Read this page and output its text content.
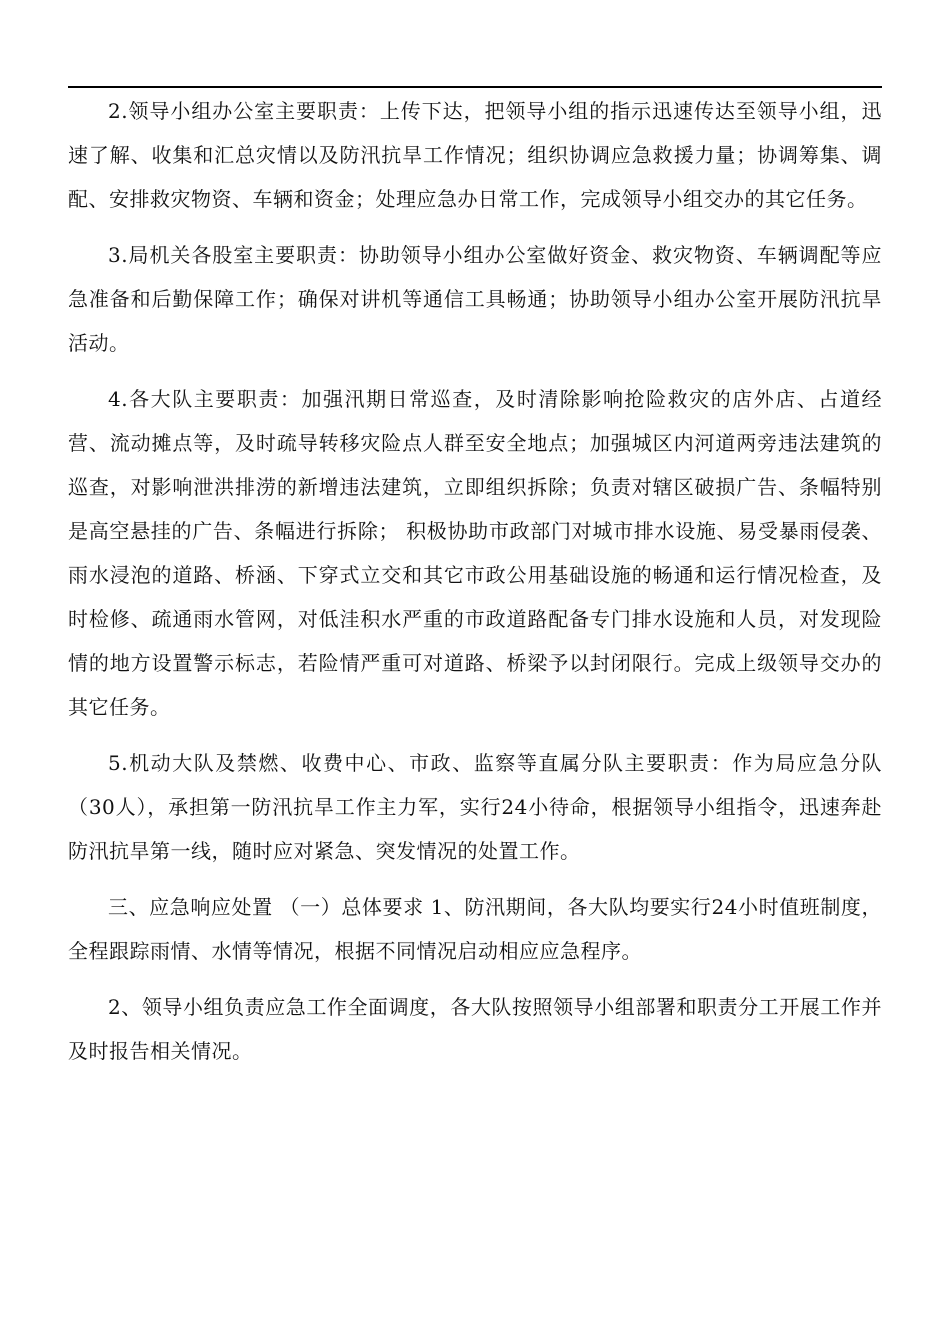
2.领导小组办公室主要职责：上传下达，把领导小组的指示迅速传达至领导小组，迅速了解、收集和汇总灾情以及防汛抗旱工作情况；组织协调应急救援力量；协调筹集、调配、安排救灾物资、车辆和资金；处理应急办日常工作，完成领导小组交办的其它任务。

3.局机关各股室主要职责：协助领导小组办公室做好资金、救灾物资、车辆调配等应急准备和后勤保障工作；确保对讲机等通信工具畅通；协助领导小组办公室开展防汛抗旱活动。

4.各大队主要职责：加强汛期日常巡查，及时清除影响抢险救灾的店外店、占道经营、流动摊点等，及时疏导转移灾险点人群至安全地点；加强城区内河道两旁违法建筑的巡查，对影响泄洪排涝的新增违法建筑，立即组织拆除；负责对辖区破损广告、条幅特别是高空悬挂的广告、条幅进行拆除； 积极协助市政部门对城市排水设施、易受暴雨侵袭、雨水浸泡的道路、桥涵、下穿式立交和其它市政公用基础设施的畅通和运行情况检查，及时检修、疏通雨水管网，对低洼积水严重的市政道路配备专门排水设施和人员，对发现险情的地方设置警示标志，若险情严重可对道路、桥梁予以封闭限行。完成上级领导交办的其它任务。

5.机动大队及禁燃、收费中心、市政、监察等直属分队主要职责：作为局应急分队（30人），承担第一防汛抗旱工作主力军，实行24小待命，根据领导小组指令，迅速奔赴防汛抗旱第一线，随时应对紧急、突发情况的处置工作。

三、应急响应处置 （一）总体要求 1、防汛期间，各大队均要实行24小时值班制度，全程跟踪雨情、水情等情况，根据不同情况启动相应应急程序。

2、领导小组负责应急工作全面调度，各大队按照领导小组部署和职责分工开展工作并及时报告相关情况。
